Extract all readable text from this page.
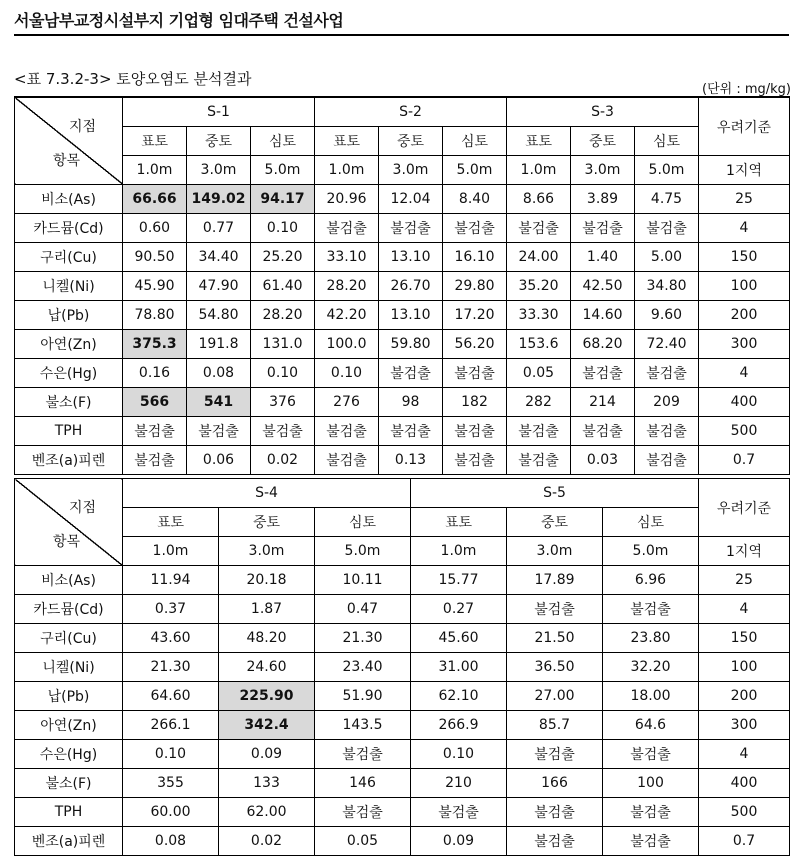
서울남부교정시설부지 기업형 임대주택 건설사업
<표 7.3.2-3> 토양오염도 분석결과
(단위 : mg/kg)
지점
항목	S-1			S-2			S-3			우려기준
	표토	중토	심토	표토	중토	심토	표토	중토	심토	
	1.0m	3.0m	5.0m	1.0m	3.0m	5.0m	1.0m	3.0m	5.0m	1지역
비소(As)	66.66	149.02	94.17	20.96	12.04	8.40	8.66	3.89	4.75	25
카드뮴(Cd)	0.60	0.77	0.10	불검출	불검출	불검출	불검출	불검출	불검출	4
구리(Cu)	90.50	34.40	25.20	33.10	13.10	16.10	24.00	1.40	5.00	150
니켈(Ni)	45.90	47.90	61.40	28.20	26.70	29.80	35.20	42.50	34.80	100
납(Pb)	78.80	54.80	28.20	42.20	13.10	17.20	33.30	14.60	9.60	200
아연(Zn)	375.3	191.8	131.0	100.0	59.80	56.20	153.6	68.20	72.40	300
수은(Hg)	0.16	0.08	0.10	0.10	불검출	불검출	0.05	불검출	불검출	4
불소(F)	566	541	376	276	98	182	282	214	209	400
TPH	불검출	불검출	불검출	불검출	불검출	불검출	불검출	불검출	불검출	500
벤조(a)피렌	불검출	0.06	0.02	불검출	0.13	불검출	불검출	0.03	불검출	0.7
지점
항목	S-4			S-5			우려기준
	표토	중토	심토	표토	중토	심토	
	1.0m	3.0m	5.0m	1.0m	3.0m	5.0m	1지역
비소(As)	11.94	20.18	10.11	15.77	17.89	6.96	25
카드뮴(Cd)	0.37	1.87	0.47	0.27	불검출	불검출	4
구리(Cu)	43.60	48.20	21.30	45.60	21.50	23.80	150
니켈(Ni)	21.30	24.60	23.40	31.00	36.50	32.20	100
납(Pb)	64.60	225.90	51.90	62.10	27.00	18.00	200
아연(Zn)	266.1	342.4	143.5	266.9	85.7	64.6	300
수은(Hg)	0.10	0.09	불검출	0.10	불검출	불검출	4
불소(F)	355	133	146	210	166	100	400
TPH	60.00	62.00	불검출	불검출	불검출	불검출	500
벤조(a)피렌	0.08	0.02	0.05	0.09	불검출	불검출	0.7
